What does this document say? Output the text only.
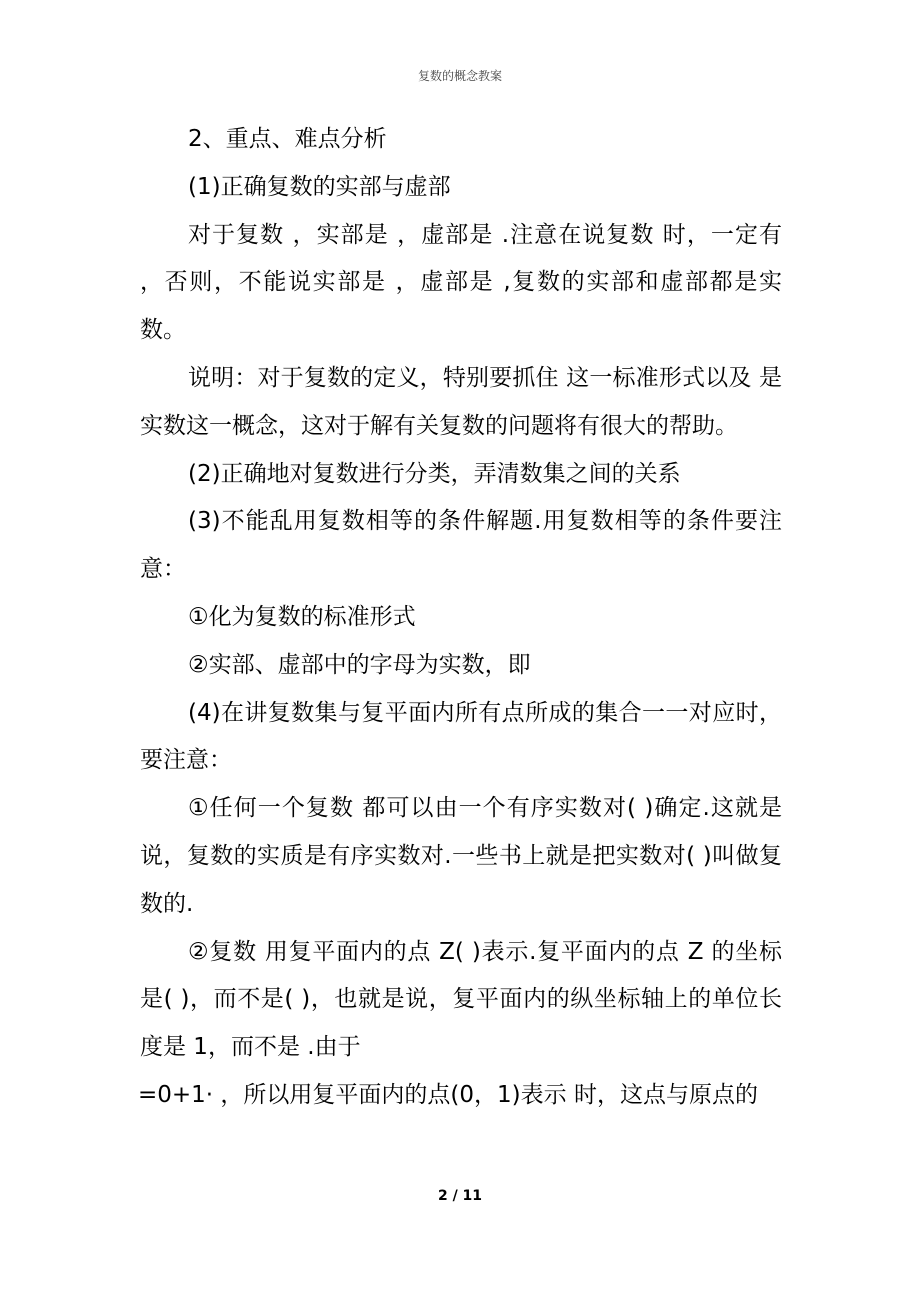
复数的概念教案

2、重点、难点分析

(1)正确复数的实部与虚部

对于复数 ，实部是 ，虚部是 .注意在说复数 时，一定有 ，否则，不能说实部是 ，虚部是 ,复数的实部和虚部都是实数。

说明：对于复数的定义，特别要抓住 这一标准形式以及 是实数这一概念，这对于解有关复数的问题将有很大的帮助。

(2)正确地对复数进行分类，弄清数集之间的关系

(3)不能乱用复数相等的条件解题.用复数相等的条件要注意：

①化为复数的标准形式

②实部、虚部中的字母为实数，即

(4)在讲复数集与复平面内所有点所成的集合一一对应时，要注意：

①任何一个复数 都可以由一个有序实数对( )确定.这就是说，复数的实质是有序实数对.一些书上就是把实数对( )叫做复数的.

②复数 用复平面内的点 Z( )表示.复平面内的点 Z 的坐标是( )，而不是( )，也就是说，复平面内的纵坐标轴上的单位长度是 1，而不是 .由于

=0+1· ，所以用复平面内的点(0，1)表示 时，这点与原点的

2 / 11
